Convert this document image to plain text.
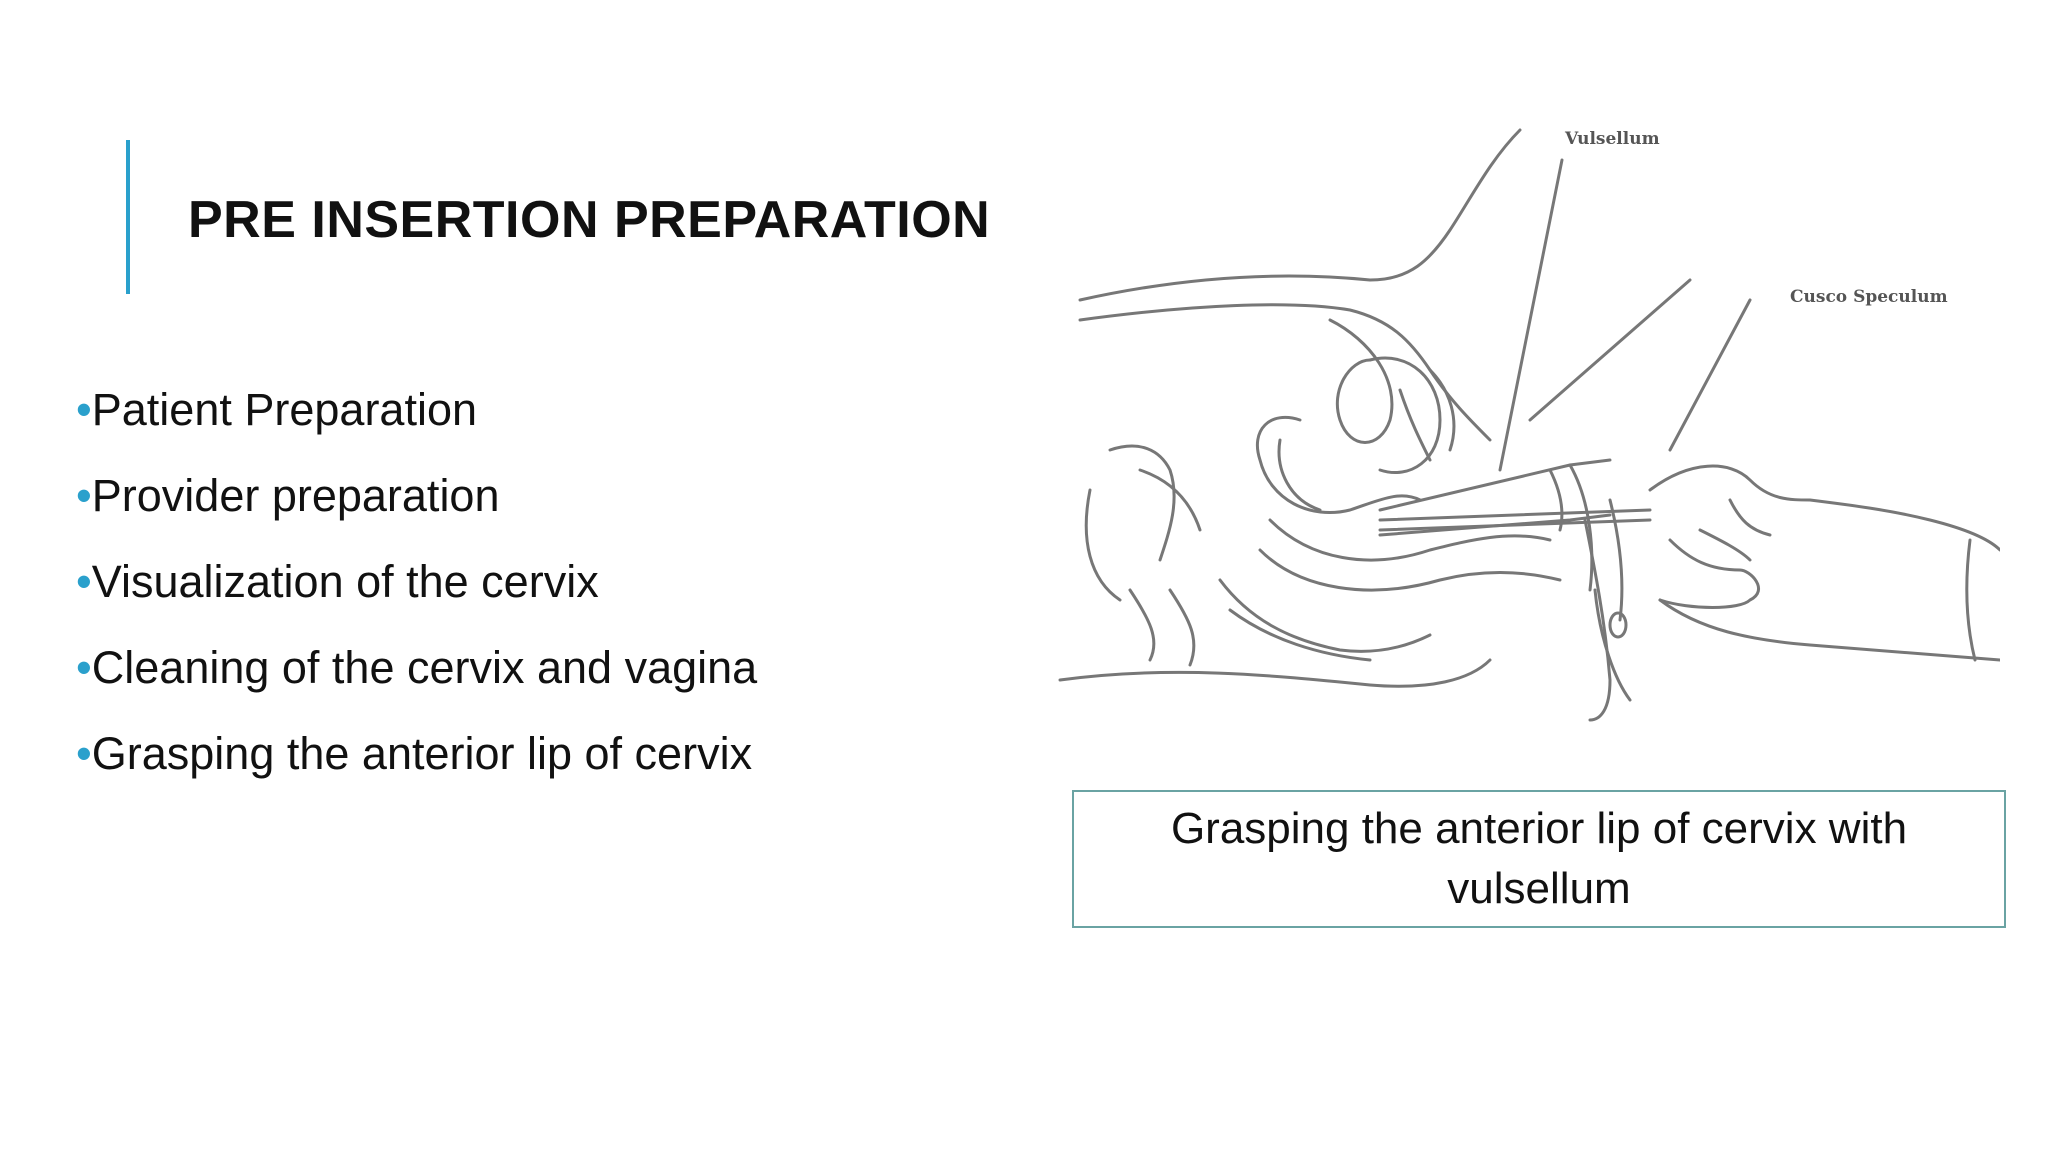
PRE INSERTION PREPARATION
•Patient Preparation
•Provider preparation
•Visualization of the cervix
•Cleaning of the cervix and vagina
•Grasping the anterior lip of cervix
Vulsellum
Cusco Speculum
Grasping the anterior lip of cervix with vulsellum
